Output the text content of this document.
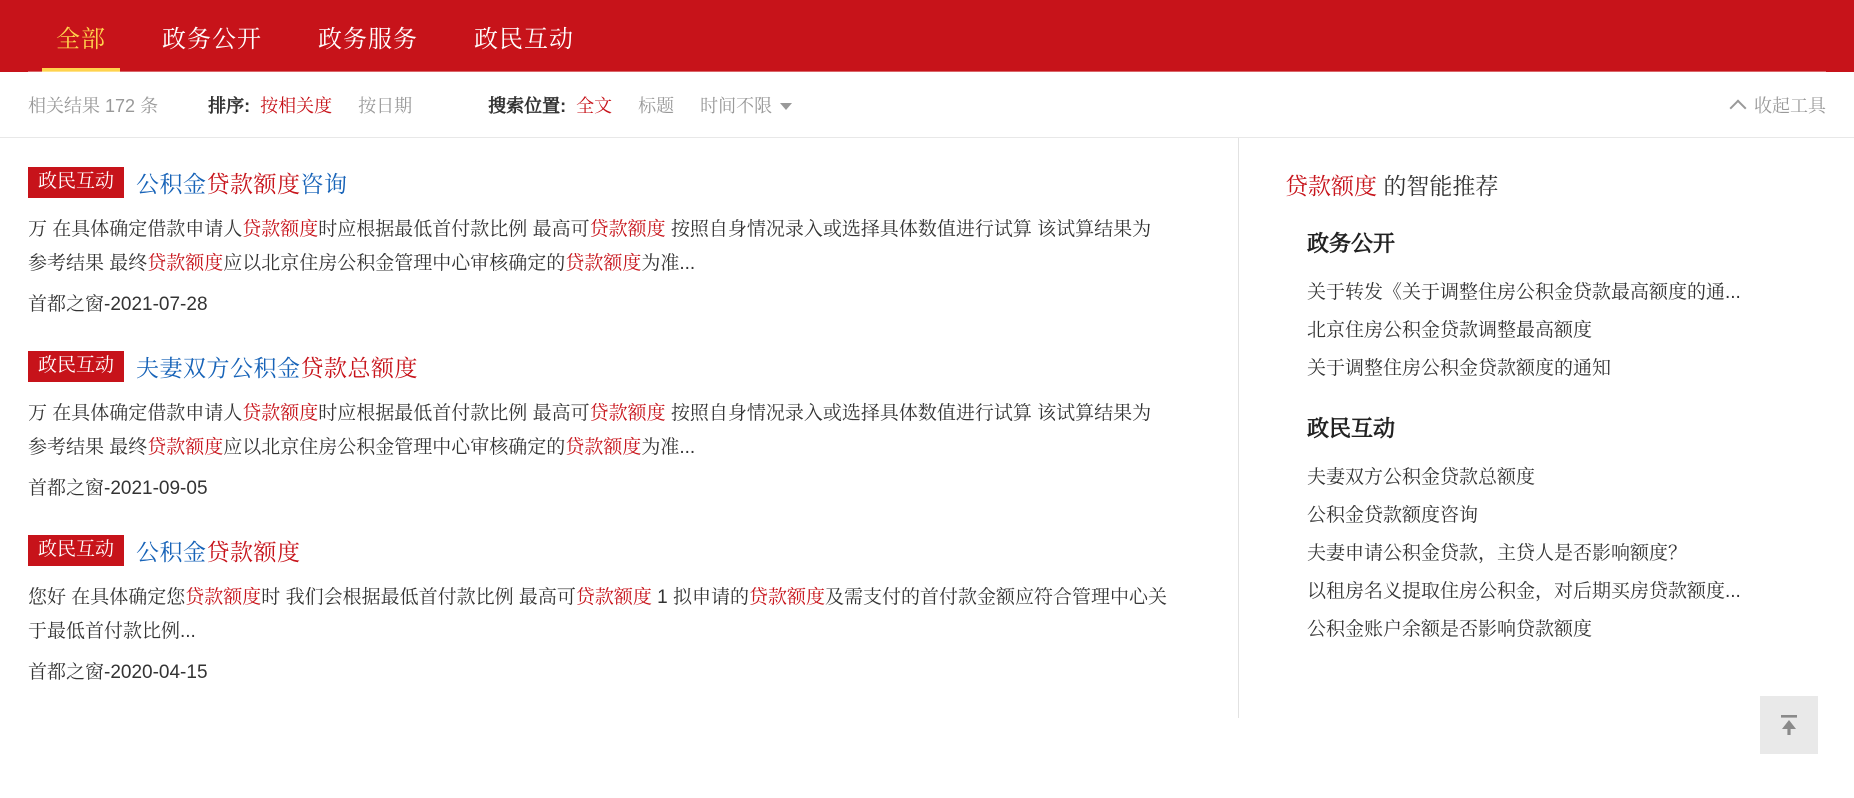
全部 政务公开 政务服务 政民互动
相关结果 172 条	排序: 按相关度 按日期	搜索位置: 全文 标题 时间不限	收起工具
政民互动 公积金贷款额度咨询
万 在具体确定借款申请人贷款额度时应根据最低首付款比例 最高可贷款额度 按照自身情况录入或选择具体数值进行试算 该试算结果为参考结果 最终贷款额度应以北京住房公积金管理中心审核确定的贷款额度为准...
首都之窗-2021-07-28
政民互动 夫妻双方公积金贷款总额度
万 在具体确定借款申请人贷款额度时应根据最低首付款比例 最高可贷款额度 按照自身情况录入或选择具体数值进行试算 该试算结果为参考结果 最终贷款额度应以北京住房公积金管理中心审核确定的贷款额度为准...
首都之窗-2021-09-05
政民互动 公积金贷款额度
您好 在具体确定您贷款额度时 我们会根据最低首付款比例 最高可贷款额度 1 拟申请的贷款额度及需支付的首付款金额应符合管理中心关于最低首付款比例...
首都之窗-2020-04-15
贷款额度 的智能推荐
政务公开
关于转发《关于调整住房公积金贷款最高额度的通...
北京住房公积金贷款调整最高额度
关于调整住房公积金贷款额度的通知
政民互动
夫妻双方公积金贷款总额度
公积金贷款额度咨询
夫妻申请公积金贷款，主贷人是否影响额度？
以租房名义提取住房公积金，对后期买房贷款额度...
公积金账户余额是否影响贷款额度
